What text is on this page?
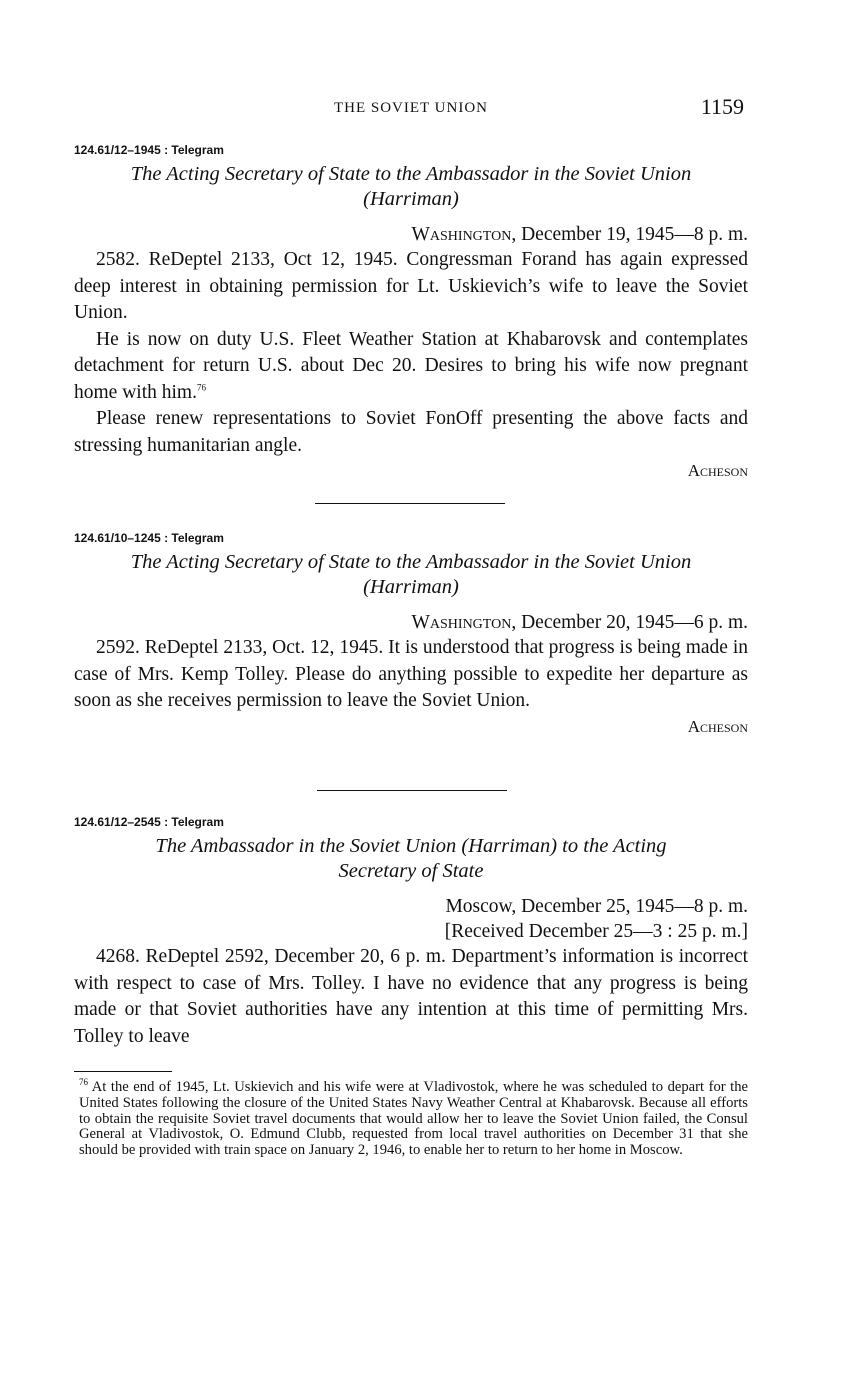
THE SOVIET UNION	1159

124.61/12–1945 : Telegram

The Acting Secretary of State to the Ambassador in the Soviet Union
(Harriman)

Washington, December 19, 1945—8 p. m.

2582. ReDeptel 2133, Oct 12, 1945. Congressman Forand has again expressed deep interest in obtaining permission for Lt. Uskievich’s wife to leave the Soviet Union.

He is now on duty U.S. Fleet Weather Station at Khabarovsk and contemplates detachment for return U.S. about Dec 20. Desires to bring his wife now pregnant home with him.$^{76}$

Please renew representations to Soviet FonOff presenting the above facts and stressing humanitarian angle.

Acheson

124.61/10–1245 : Telegram

The Acting Secretary of State to the Ambassador in the Soviet Union
(Harriman)

Washington, December 20, 1945—6 p. m.

2592. ReDeptel 2133, Oct. 12, 1945. It is understood that progress is being made in case of Mrs. Kemp Tolley. Please do anything possible to expedite her departure as soon as she receives permission to leave the Soviet Union.

Acheson

124.61/12–2545 : Telegram

The Ambassador in the Soviet Union (Harriman) to the Acting
Secretary of State

Moscow, December 25, 1945—8 p. m.

[Received December 25—3 : 25 p. m.]

4268. ReDeptel 2592, December 20, 6 p. m. Department’s information is incorrect with respect to case of Mrs. Tolley. I have no evidence that any progress is being made or that Soviet authorities have any intention at this time of permitting Mrs. Tolley to leave

$^{76}$ At the end of 1945, Lt. Uskievich and his wife were at Vladivostok, where he was scheduled to depart for the United States following the closure of the United States Navy Weather Central at Khabarovsk. Because all efforts to obtain the requisite Soviet travel documents that would allow her to leave the Soviet Union failed, the Consul General at Vladivostok, O. Edmund Clubb, requested from local travel authorities on December 31 that she should be provided with train space on January 2, 1946, to enable her to return to her home in Moscow.
